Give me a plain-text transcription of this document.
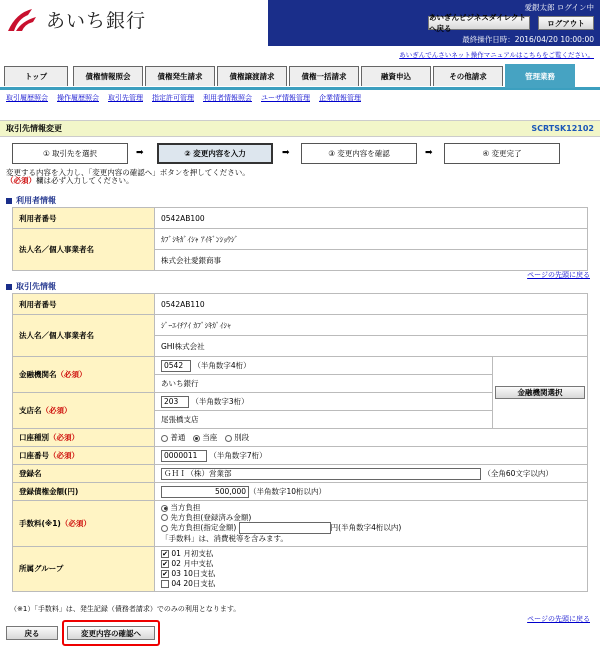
あいち銀行
愛銀太郎 ログイン中
あいぎんビジネスダイレクトへ戻る
ログアウト
最終操作日時：2016/04/20 10:00:00
あいぎんでんさいネット操作マニュアルはこちらをご覧ください。
トップ	債権情報照会	債権発生請求	債権譲渡請求	債権一括請求	融資申込	その他請求	管理業務
取引履歴照会 操作履歴照会 取引先管理 指定許可管理 利用者情報照会 ユーザ情報管理 企業情報管理
取引先情報変更	SCRTSK12102
① 取引先を選択	➡	② 変更内容を入力	➡	③ 変更内容を確認	➡	④ 変更完了
変更する内容を入力し、「変更内容の確認へ」ボタンを押してください。
（必須）欄は必ず入力してください。
利用者情報
利用者番号	0542AB100
法人名／個人事業者名	ｶﾌﾞｼｷｶﾞｲｼｬ ｱｲｷﾞﾝｼｮｳｼﾞ
	株式会社愛銀商事
ページの先頭に戻る
取引先情報
利用者番号	0542AB110	
法人名／個人事業者名	ｼﾞｰｴｲﾁｱｲ ｶﾌﾞｼｷｶﾞｲｼｬ	
	GHI株式会社	
金融機関名（必須）	0542 （半角数字4桁）	金融機関選択

	あいち銀行	
支店名（必須）	203 （半角数字3桁）	
	尾張橋支店	
口座種別（必須）	普通　 当座　 別段	
口座番号（必須）	0000011 （半角数字7桁）	
登録名	ＧＨＩ（株）営業部 （全角60文字以内）	
登録債権金額(円)	500,000 （半角数字10桁以内）	
手数料(※1)（必須）	当方負担
先方負担(登録済み金額)
先方負担(指定金額) 円(半角数字4桁以内)
「手数料」は、消費税等を含みます。	

所属グループ	✔ 01 月初支払
✔ 02 月中支払
✔ 03 10日支払
04 20日支払	
（※1）「手数料」は、発生記録（債務者請求）でのみの利用となります。
ページの先頭に戻る
戻る	変更内容の確認へ
